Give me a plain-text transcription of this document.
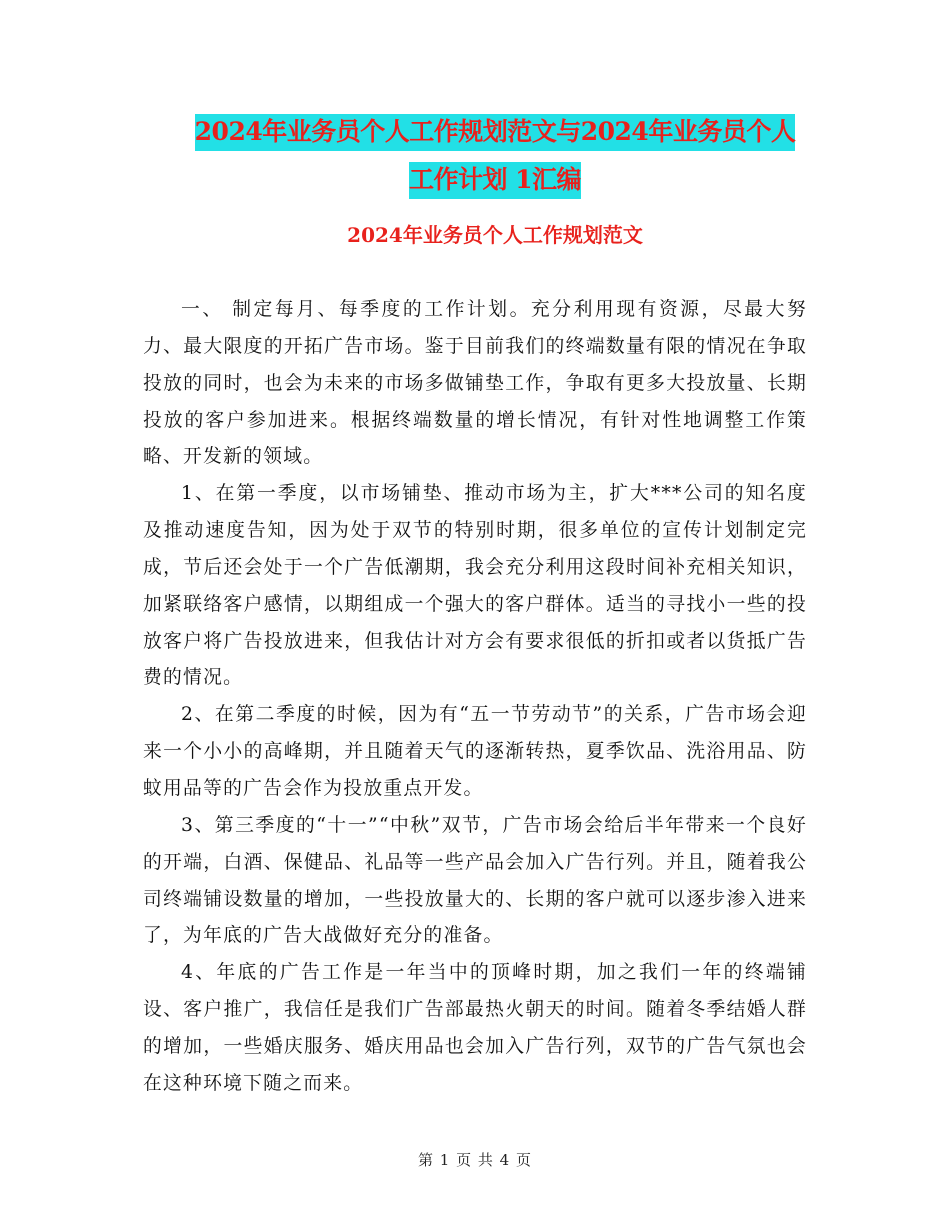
2024年业务员个人工作规划范文与2024年业务员个人
工作计划 1汇编
2024年业务员个人工作规划范文

一、 制定每月、每季度的工作计划。充分利用现有资源，尽最大努力、最大限度的开拓广告市场。鉴于目前我们的终端数量有限的情况在争取投放的同时，也会为未来的市场多做铺垫工作，争取有更多大投放量、长期投放的客户参加进来。根据终端数量的增长情况，有针对性地调整工作策略、开发新的领域。

1、在第一季度，以市场铺垫、推动市场为主，扩大***公司的知名度及推动速度告知，因为处于双节的特别时期，很多单位的宣传计划制定完成，节后还会处于一个广告低潮期，我会充分利用这段时间补充相关知识，加紧联络客户感情，以期组成一个强大的客户群体。适当的寻找小一些的投放客户将广告投放进来，但我估计对方会有要求很低的折扣或者以货抵广告费的情况。

2、在第二季度的时候，因为有“五一节劳动节”的关系，广告市场会迎来一个小小的高峰期，并且随着天气的逐渐转热，夏季饮品、洗浴用品、防蚊用品等的广告会作为投放重点开发。

3、第三季度的“十一”“中秋”双节，广告市场会给后半年带来一个良好的开端，白酒、保健品、礼品等一些产品会加入广告行列。并且，随着我公司终端铺设数量的增加，一些投放量大的、长期的客户就可以逐步渗入进来了，为年底的广告大战做好充分的准备。

4、年底的广告工作是一年当中的顶峰时期，加之我们一年的终端铺设、客户推广，我信任是我们广告部最热火朝天的时间。随着冬季结婚人群的增加，一些婚庆服务、婚庆用品也会加入广告行列，双节的广告气氛也会在这种环境下随之而来。

第 1 页 共 4 页
